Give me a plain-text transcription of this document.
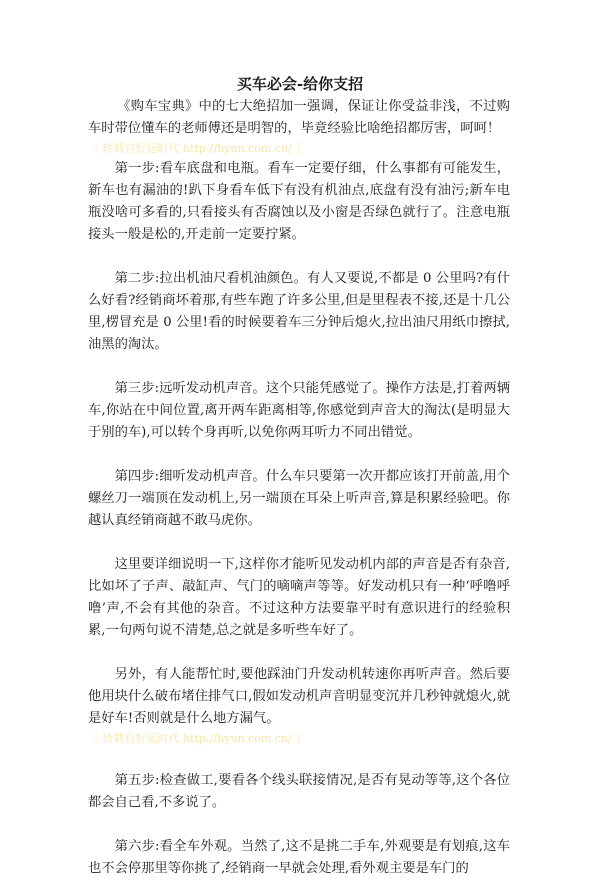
买车必会-给你支招

《购车宝典》中的七大绝招加一强调，保证让你受益非浅，不过购车时带位懂车的老师傅还是明智的，毕竟经验比啥绝招都厉害，呵呵！

［ 转载自好运时代 http://hyun.com.cn/ ］

第一步:看车底盘和电瓶。看车一定要仔细，什么事都有可能发生，新车也有漏油的!趴下身看车低下有没有机油点,底盘有没有油污;新车电瓶没啥可多看的,只看接头有否腐蚀以及小窗是否绿色就行了。注意电瓶接头一般是松的,开走前一定要拧紧。

第二步:拉出机油尺看机油颜色。有人又要说,不都是 0 公里吗?有什么好看?经销商坏着那,有些车跑了许多公里,但是里程表不接,还是十几公里,楞冒充是 0 公里!看的时候要着车三分钟后熄火,拉出油尺用纸巾擦拭,油黑的淘汰。

第三步:远听发动机声音。这个只能凭感觉了。操作方法是,打着两辆车,你站在中间位置,离开两车距离相等,你感觉到声音大的淘汰(是明显大于别的车),可以转个身再听,以免你两耳听力不同出错觉。

第四步:细听发动机声音。什么车只要第一次开都应该打开前盖,用个螺丝刀一端顶在发动机上,另一端顶在耳朵上听声音,算是积累经验吧。你越认真经销商越不敢马虎你。

这里要详细说明一下,这样你才能听见发动机内部的声音是否有杂音,比如坏了子声、敲缸声、气门的嘀嘀声等等。好发动机只有一种‘呼噜呼噜’声,不会有其他的杂音。不过这种方法要靠平时有意识进行的经验积累,一句两句说不清楚,总之就是多听些车好了。

另外，有人能帮忙时,要他踩油门升发动机转速你再听声音。然后要他用块什么破布堵住排气口,假如发动机声音明显变沉并几秒钟就熄火,就是好车!否则就是什么地方漏气。

［ 转载自好运时代 http://hyun.com.cn/ ］

第五步:检查做工,要看各个线头联接情况,是否有晃动等等,这个各位都会自己看,不多说了。

第六步:看全车外观。当然了,这不是挑二手车,外观要是有划痕,这车也不会停那里等你挑了,经销商一早就会处理,看外观主要是车门的
